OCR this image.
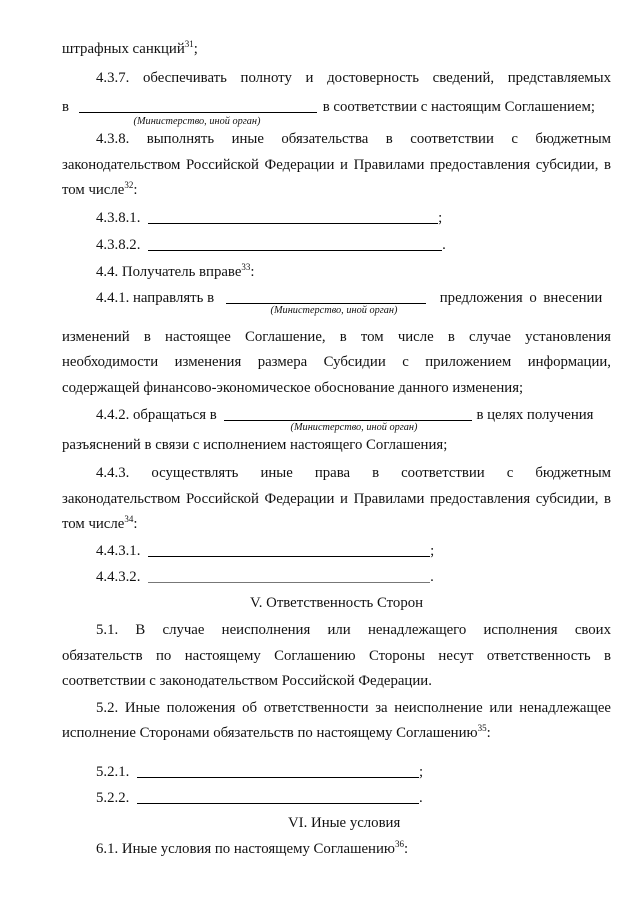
штрафных санкций$^{31}$;
4.3.7. обеспечивать полноту и достоверность сведений, представляемых
в	в соответствии с настоящим Соглашением;
(Министерство, иной орган)
4.3.8. выполнять иные обязательства в соответствии с бюджетным
законодательством Российской Федерации и Правилами предоставления субсидии, в
том числе$^{32}$:
4.3.8.1.	;
4.3.8.2.	.
4.4. Получатель вправе$^{33}$:
4.4.1. направлять в	предложения о внесении
(Министерство, иной орган)
изменений в настоящее Соглашение, в том числе в случае установления
необходимости изменения размера Субсидии с приложением информации,
содержащей финансово-экономическое обоснование данного изменения;
4.4.2. обращаться в	в целях получения
(Министерство, иной орган)
разъяснений в связи с исполнением настоящего Соглашения;
4.4.3. осуществлять иные права в соответствии с бюджетным
законодательством Российской Федерации и Правилами предоставления субсидии, в
том числе$^{34}$:
4.4.3.1.	;
4.4.3.2.	.
V. Ответственность Сторон
5.1. В случае неисполнения или ненадлежащего исполнения своих
обязательств по настоящему Соглашению Стороны несут ответственность в
соответствии с законодательством Российской Федерации.
5.2. Иные положения об ответственности за неисполнение или ненадлежащее
исполнение Сторонами обязательств по настоящему Соглашению$^{35}$:
5.2.1.	;
5.2.2.	.
VI. Иные условия
6.1. Иные условия по настоящему Соглашению$^{36}$:
